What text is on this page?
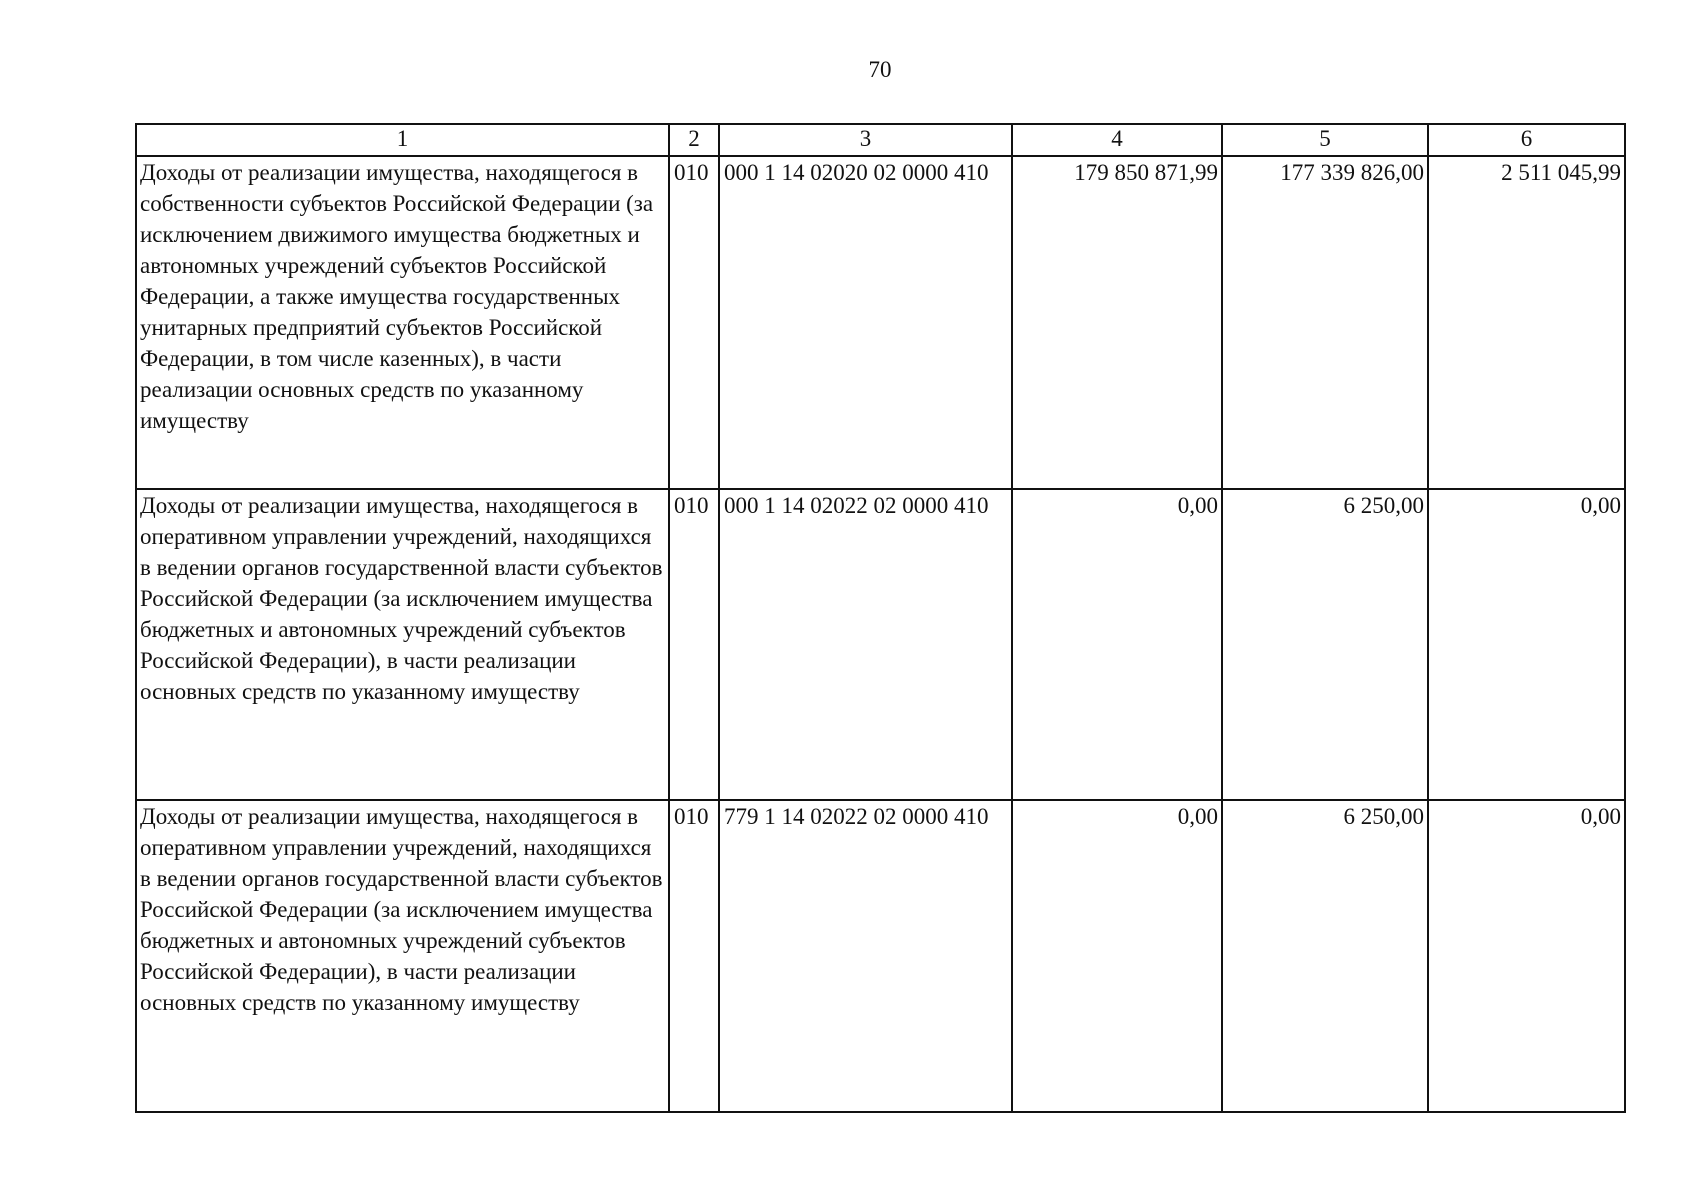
70
1	2	3	4	5	6
Доходы от реализации имущества, находящегося в собственности субъектов Российской Федерации (за исключением движимого имущества бюджетных и автономных учреждений субъектов Российской Федерации, а также имущества государственных унитарных предприятий субъектов Российской Федерации, в том числе казенных), в части реализации основных средств по указанному имуществу	010	000 1 14 02020 02 0000 410	179 850 871,99	177 339 826,00	2 511 045,99
Доходы от реализации имущества, находящегося в оперативном управлении учреждений, находящихся в ведении органов государственной власти субъектов Российской Федерации (за исключением имущества бюджетных и автономных учреждений субъектов Российской Федерации), в части реализации основных средств по указанному имуществу	010	000 1 14 02022 02 0000 410	0,00	6 250,00	0,00
Доходы от реализации имущества, находящегося в оперативном управлении учреждений, находящихся в ведении органов государственной власти субъектов Российской Федерации (за исключением имущества бюджетных и автономных учреждений субъектов Российской Федерации), в части реализации основных средств по указанному имуществу	010	779 1 14 02022 02 0000 410	0,00	6 250,00	0,00
